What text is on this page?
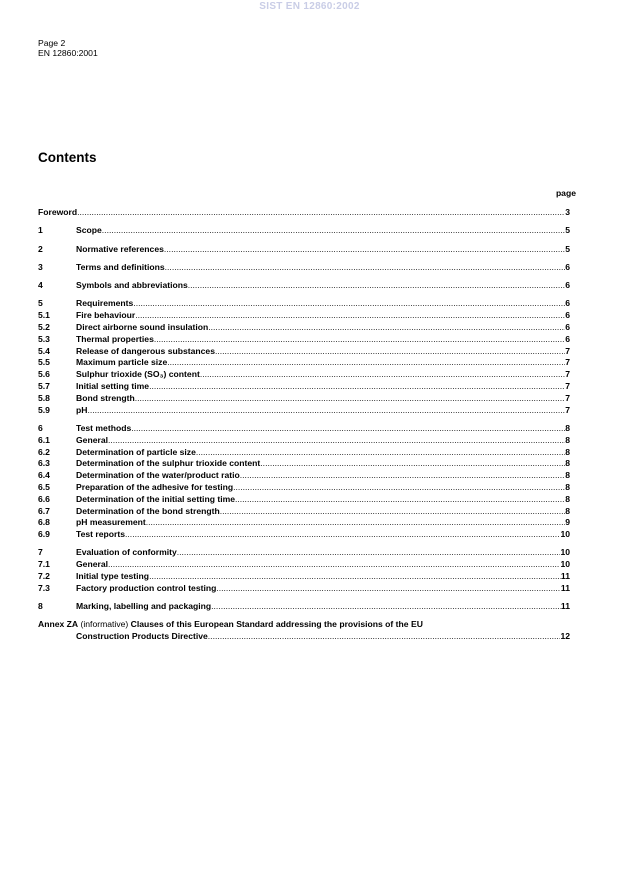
SIST EN 12860:2002
Page 2
EN 12860:2001
Contents
page
Foreword .....	3
1	Scope .....	5
2	Normative references .....	5
3	Terms and definitions .....	6
4	Symbols and abbreviations .....	6
5	Requirements .....	6
5.1	Fire behaviour .....	6
5.2	Direct airborne sound insulation .....	6
5.3	Thermal properties .....	6
5.4	Release of dangerous substances .....	7
5.5	Maximum particle size .....	7
5.6	Sulphur trioxide (SO₃) content .....	7
5.7	Initial setting time .....	7
5.8	Bond strength .....	7
5.9	pH .....	7
6	Test methods .....	8
6.1	General .....	8
6.2	Determination of particle size .....	8
6.3	Determination of the sulphur trioxide content .....	8
6.4	Determination of the water/product ratio .....	8
6.5	Preparation of the adhesive for testing .....	8
6.6	Determination of the initial setting time .....	8
6.7	Determination of the bond strength .....	8
6.8	pH measurement .....	9
6.9	Test reports .....	10
7	Evaluation of conformity .....	10
7.1	General .....	10
7.2	Initial type testing .....	11
7.3	Factory production control testing .....	11
8	Marking, labelling and packaging .....	11
Annex ZA (informative) Clauses of this European Standard addressing the provisions of the EU
Construction Products Directive .....	12
